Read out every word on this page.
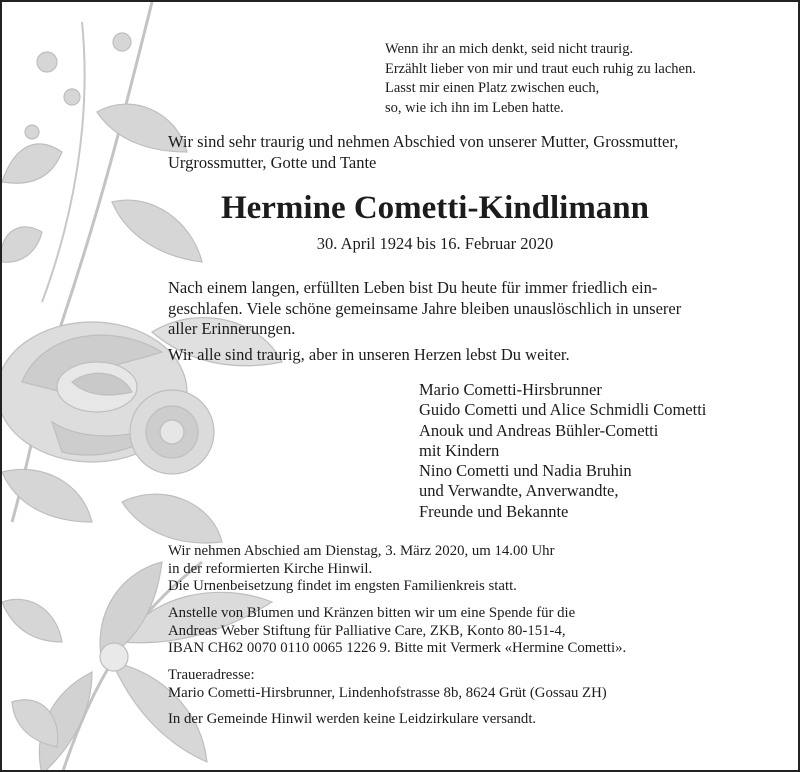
Wenn ihr an mich denkt, seid nicht traurig.

Erzählt lieber von mir und traut euch ruhig zu lachen.

Lasst mir einen Platz zwischen euch,

so, wie ich ihn im Leben hatte.

Wir sind sehr traurig und nehmen Abschied von unserer Mutter, Grossmutter,

Urgrossmutter, Gotte und Tante

Hermine Cometti-Kindlimann

30. April 1924 bis 16. Februar 2020

Nach einem langen, erfüllten Leben bist Du heute für immer friedlich ein-

geschlafen. Viele schöne gemeinsame Jahre bleiben unauslöschlich in unserer

aller Erinnerungen.

Wir alle sind traurig, aber in unseren Herzen lebst Du weiter.

Mario Cometti-Hirsbrunner

Guido Cometti und Alice Schmidli Cometti

Anouk und Andreas Bühler-Cometti

mit Kindern

Nino Cometti und Nadia Bruhin

und Verwandte, Anverwandte,

Freunde und Bekannte

Wir nehmen Abschied am Dienstag, 3. März 2020, um 14.00 Uhr

in der reformierten Kirche Hinwil.

Die Urnenbeisetzung findet im engsten Familienkreis statt.

Anstelle von Blumen und Kränzen bitten wir um eine Spende für die

Andreas Weber Stiftung für Palliative Care, ZKB, Konto 80-151-4,

IBAN CH62 0070 0110 0065 1226 9. Bitte mit Vermerk «Hermine Cometti».

Traueradresse:

Mario Cometti-Hirsbrunner, Lindenhofstrasse 8b, 8624 Grüt (Gossau ZH)

In der Gemeinde Hinwil werden keine Leidzirkulare versandt.
